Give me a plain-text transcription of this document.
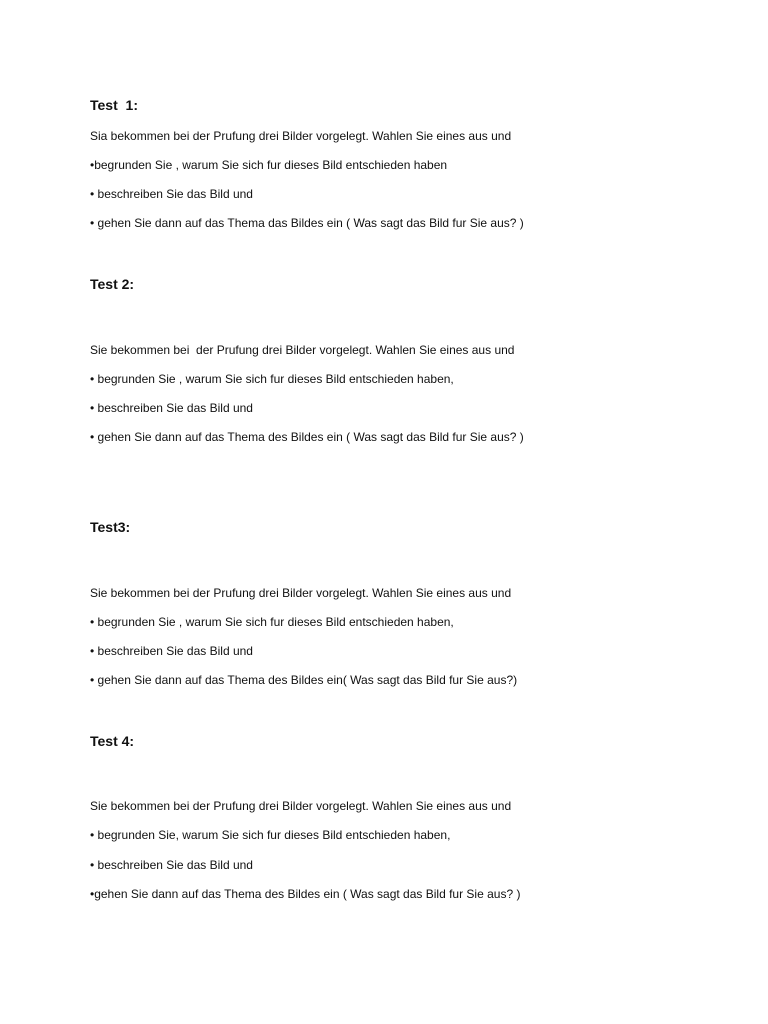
Test  1:

Sia bekommen bei der Prufung drei Bilder vorgelegt. Wahlen Sie eines aus und

•begrunden Sie , warum Sie sich fur dieses Bild entschieden haben

• beschreiben Sie das Bild und

• gehen Sie dann auf das Thema das Bildes ein ( Was sagt das Bild fur Sie aus? )

Test 2:

Sie bekommen bei  der Prufung drei Bilder vorgelegt. Wahlen Sie eines aus und

• begrunden Sie , warum Sie sich fur dieses Bild entschieden haben,

• beschreiben Sie das Bild und

• gehen Sie dann auf das Thema des Bildes ein ( Was sagt das Bild fur Sie aus? )

Test3:

Sie bekommen bei der Prufung drei Bilder vorgelegt. Wahlen Sie eines aus und

• begrunden Sie , warum Sie sich fur dieses Bild entschieden haben,

• beschreiben Sie das Bild und

• gehen Sie dann auf das Thema des Bildes ein( Was sagt das Bild fur Sie aus?)

Test 4:

Sie bekommen bei der Prufung drei Bilder vorgelegt. Wahlen Sie eines aus und

• begrunden Sie, warum Sie sich fur dieses Bild entschieden haben,

• beschreiben Sie das Bild und

•gehen Sie dann auf das Thema des Bildes ein ( Was sagt das Bild fur Sie aus? )
